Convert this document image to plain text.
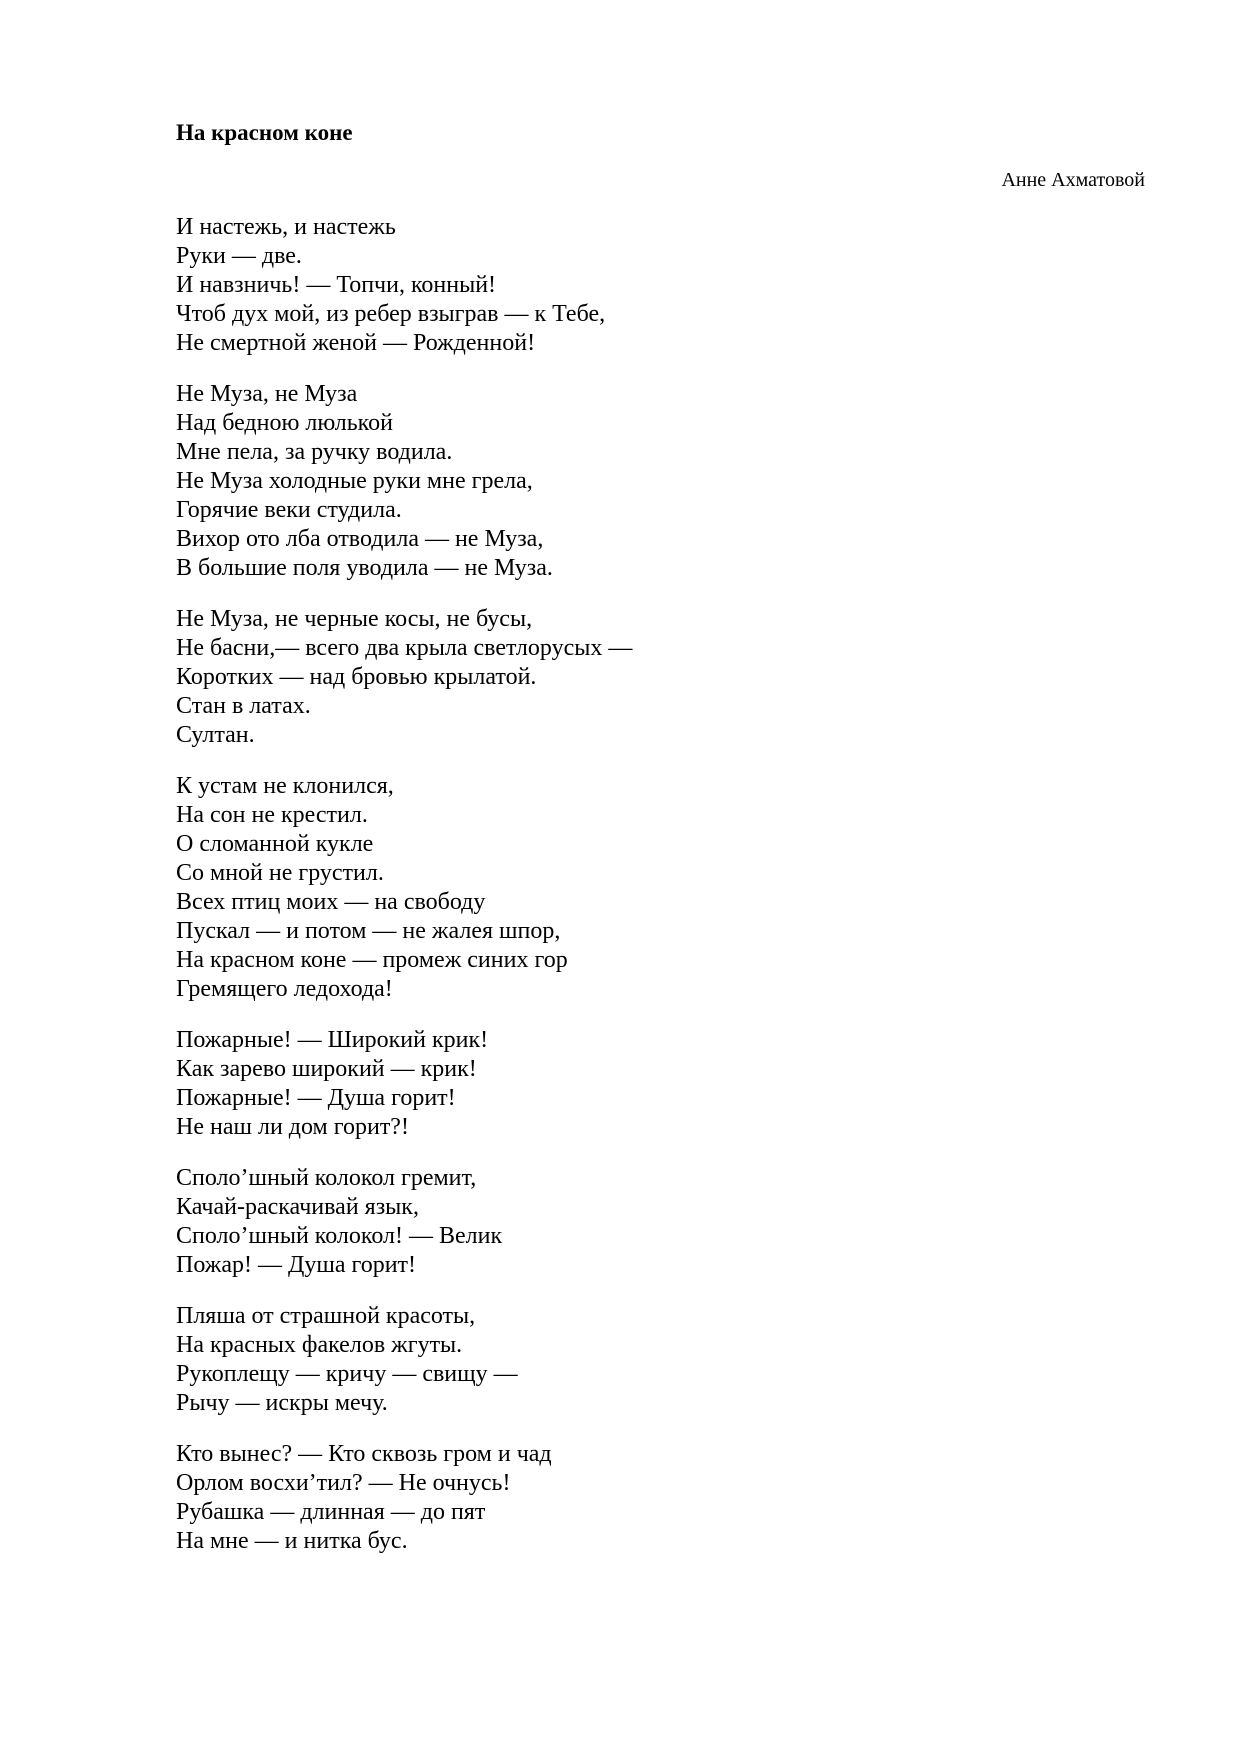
На красном коне
Анне Ахматовой
И настежь, и настежь
Руки — две.
И навзничь! — Топчи, конный!
Чтоб дух мой, из ребер взыграв — к Тебе,
Не смертной женой — Рожденной!
Не Муза, не Муза
Над бедною люлькой
Мне пела, за ручку водила.
Не Муза холодные руки мне грела,
Горячие веки студила.
Вихор ото лба отводила — не Муза,
В большие поля уводила — не Муза.
Не Муза, не черные косы, не бусы,
Не басни,— всего два крыла светлорусых —
Коротких — над бровью крылатой.
Стан в латах.
Султан.
К устам не клонился,
На сон не крестил.
О сломанной кукле
Со мной не грустил.
Всех птиц моих — на свободу
Пускал — и потом — не жалея шпор,
На красном коне — промеж синих гор
Гремящего ледохода!
Пожарные! — Широкий крик!
Как зарево широкий — крик!
Пожарные! — Душа горит!
Не наш ли дом горит?!
Споло’шный колокол гремит,
Качай-раскачивай язык,
Споло’шный колокол! — Велик
Пожар! — Душа горит!
Пляша от страшной красоты,
На красных факелов жгуты.
Рукоплещу — кричу — свищу —
Рычу — искры мечу.
Кто вынес? — Кто сквозь гром и чад
Орлом восхи’тил? — Не очнусь!
Рубашка — длинная — до пят
На мне — и нитка бус.
